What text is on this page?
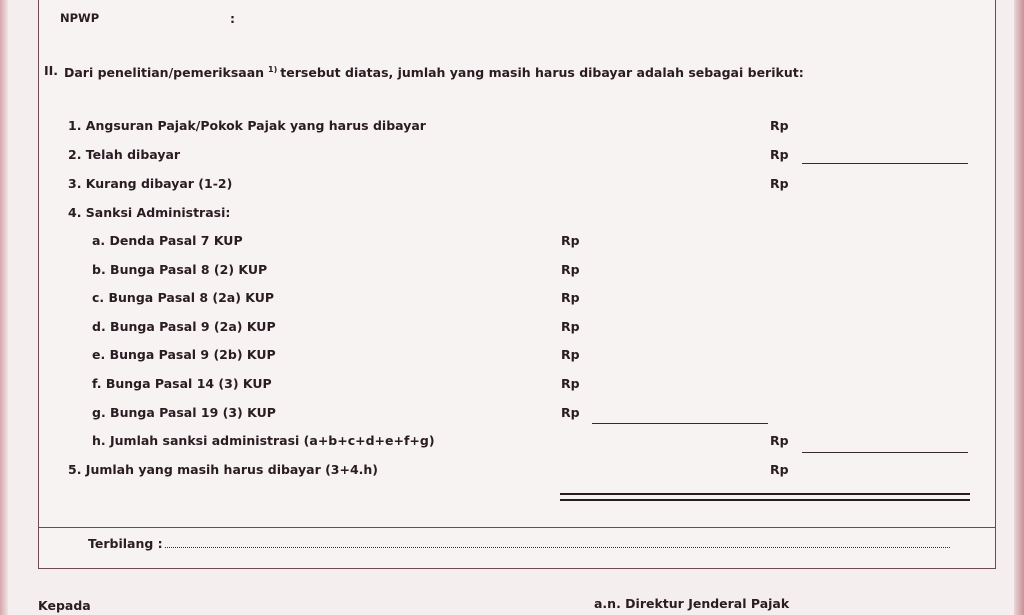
NPWP	:
II. Dari penelitian/pemeriksaan $^{1)}$ tersebut diatas, jumlah yang masih harus dibayar adalah sebagai berikut:
1. Angsuran Pajak/Pokok Pajak yang harus dibayar	Rp
2. Telah dibayar	Rp
3. Kurang dibayar (1-2)	Rp
4. Sanksi Administrasi:
a. Denda Pasal 7 KUP	Rp
b. Bunga Pasal 8 (2) KUP	Rp
c. Bunga Pasal 8 (2a) KUP	Rp
d. Bunga Pasal 9 (2a) KUP	Rp
e. Bunga Pasal 9 (2b) KUP	Rp
f. Bunga Pasal 14 (3) KUP	Rp
g. Bunga Pasal 19 (3) KUP	Rp
h. Jumlah sanksi administrasi (a+b+c+d+e+f+g)	Rp
5. Jumlah yang masih harus dibayar (3+4.h)	Rp
Terbilang :
Kepada	a.n. Direktur Jenderal Pajak
